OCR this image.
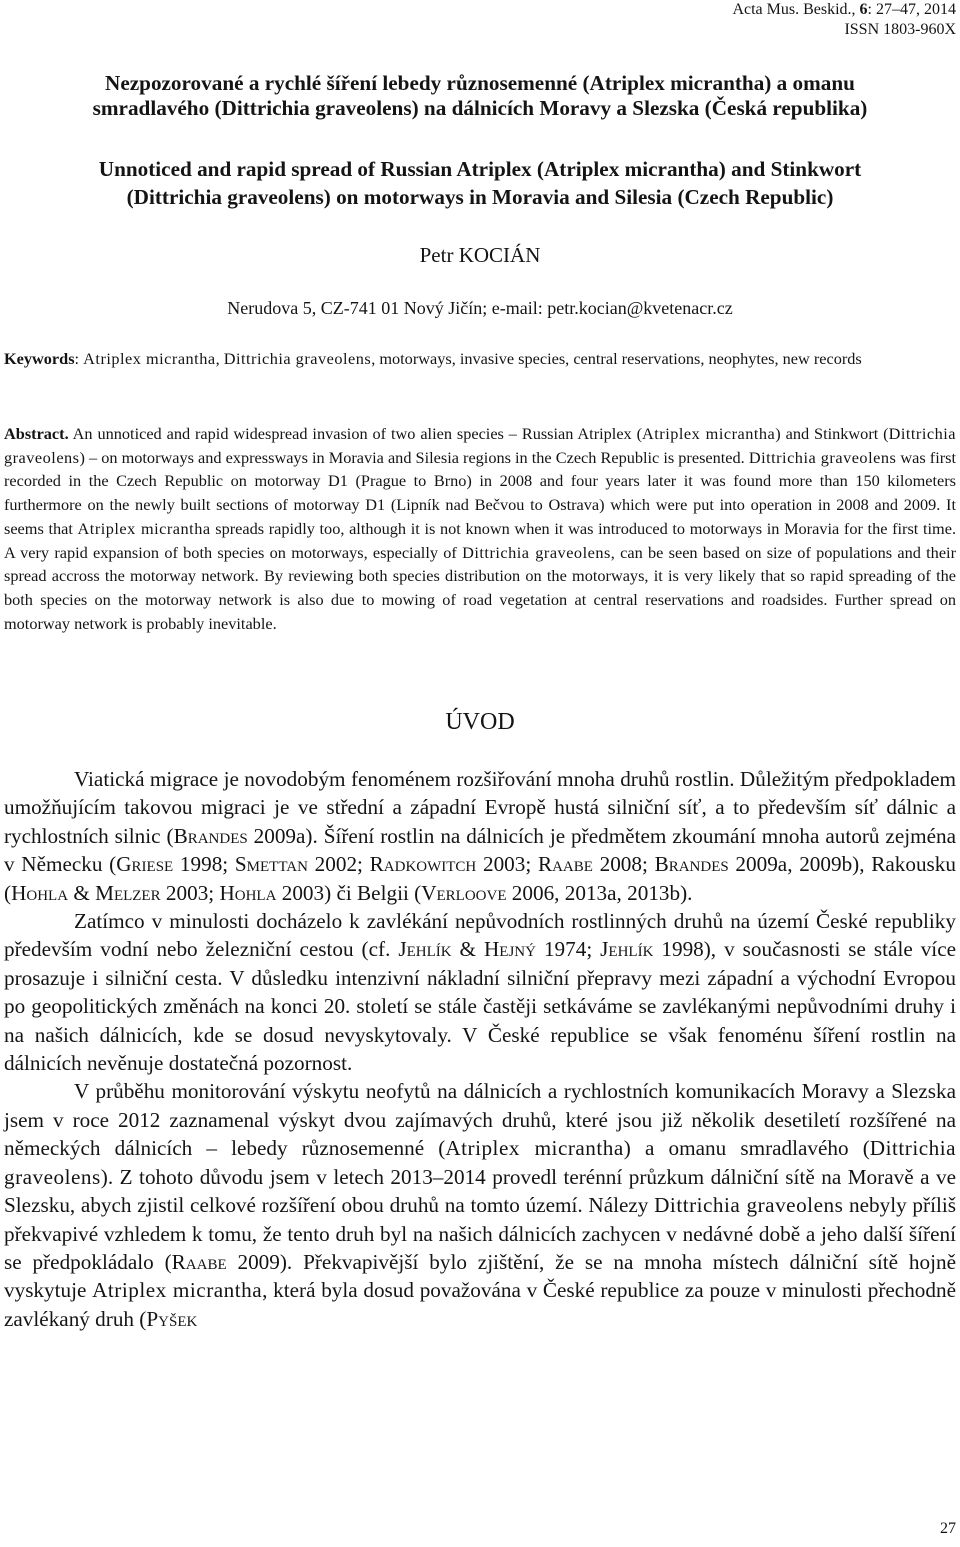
Acta Mus. Beskid., 6: 27–47, 2014
ISSN 1803-960X
Nezpozorované a rychlé šíření lebedy různosemenné (Atriplex micrantha) a omanu
smradlavého (Dittrichia graveolens) na dálnicích Moravy a Slezska (Česká republika)
Unnoticed and rapid spread of Russian Atriplex (Atriplex micrantha) and Stinkwort
(Dittrichia graveolens) on motorways in Moravia and Silesia (Czech Republic)
Petr KOCIÁN
Nerudova 5, CZ-741 01 Nový Jičín; e-mail: petr.kocian@kvetenacr.cz
Keywords: Atriplex micrantha, Dittrichia graveolens, motorways, invasive species, central reservations, neophytes, new records
Abstract. An unnoticed and rapid widespread invasion of two alien species – Russian Atriplex (Atriplex micrantha) and Stinkwort (Dittrichia graveolens) – on motorways and expressways in Moravia and Silesia regions in the Czech Republic is presented. Dittrichia graveolens was first recorded in the Czech Republic on motorway D1 (Prague to Brno) in 2008 and four years later it was found more than 150 kilometers furthermore on the newly built sections of motorway D1 (Lipník nad Bečvou to Ostrava) which were put into operation in 2008 and 2009. It seems that Atriplex micrantha spreads rapidly too, although it is not known when it was introduced to motorways in Moravia for the first time. A very rapid expansion of both species on motorways, especially of Dittrichia graveolens, can be seen based on size of populations and their spread accross the motorway network. By reviewing both species distribution on the motorways, it is very likely that so rapid spreading of the both species on the motorway network is also due to mowing of road vegetation at central reservations and roadsides. Further spread on motorway network is probably inevitable.
ÚVOD

Viatická migrace je novodobým fenoménem rozšiřování mnoha druhů rostlin. Důležitým předpokladem umožňujícím takovou migraci je ve střední a západní Evropě hustá silniční síť, a to především síť dálnic a rychlostních silnic (Brandes 2009a). Šíření rostlin na dálnicích je předmětem zkoumání mnoha autorů zejména v Německu (Griese 1998; Smettan 2002; Radkowitch 2003; Raabe 2008; Brandes 2009a, 2009b), Rakousku (Hohla & Melzer 2003; Hohla 2003) či Belgii (Verloove 2006, 2013a, 2013b).

Zatímco v minulosti docházelo k zavlékání nepůvodních rostlinných druhů na území České republiky především vodní nebo železniční cestou (cf. Jehlík & Hejný 1974; Jehlík 1998), v současnosti se stále více prosazuje i silniční cesta. V důsledku intenzivní nákladní silniční přepravy mezi západní a východní Evropou po geopolitických změnách na konci 20. století se stále častěji setkáváme se zavlékanými nepůvodními druhy i na našich dálnicích, kde se dosud nevyskytovaly. V České republice se však fenoménu šíření rostlin na dálnicích nevěnuje dostatečná pozornost.

V průběhu monitorování výskytu neofytů na dálnicích a rychlostních komunikacích Moravy a Slezska jsem v roce 2012 zaznamenal výskyt dvou zajímavých druhů, které jsou již několik desetiletí rozšířené na německých dálnicích – lebedy různosemenné (Atriplex micrantha) a omanu smradlavého (Dittrichia graveolens). Z tohoto důvodu jsem v letech 2013–2014 provedl terénní průzkum dálniční sítě na Moravě a ve Slezsku, abych zjistil celkové rozšíření obou druhů na tomto území. Nálezy Dittrichia graveolens nebyly příliš překvapivé vzhledem k tomu, že tento druh byl na našich dálnicích zachycen v nedávné době a jeho další šíření se předpokládalo (Raabe 2009). Překvapivější bylo zjištění, že se na mnoha místech dálniční sítě hojně vyskytuje Atriplex micrantha, která byla dosud považována v České republice za pouze v minulosti přechodně zavlékaný druh (Pyšek

27
